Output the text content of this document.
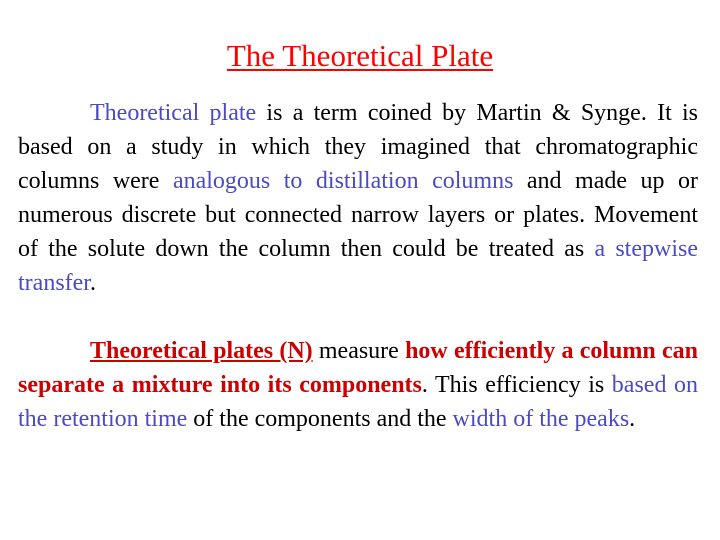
The Theoretical Plate

Theoretical plate is a term coined by Martin & Synge. It is based on a study in which they imagined that chromatographic columns were analogous to distillation columns and made up or numerous discrete but connected narrow layers or plates. Movement of the solute down the column then could be treated as a stepwise transfer.

Theoretical plates (N) measure how efficiently a column can separate a mixture into its components. This efficiency is based on the retention time of the components and the width of the peaks.
